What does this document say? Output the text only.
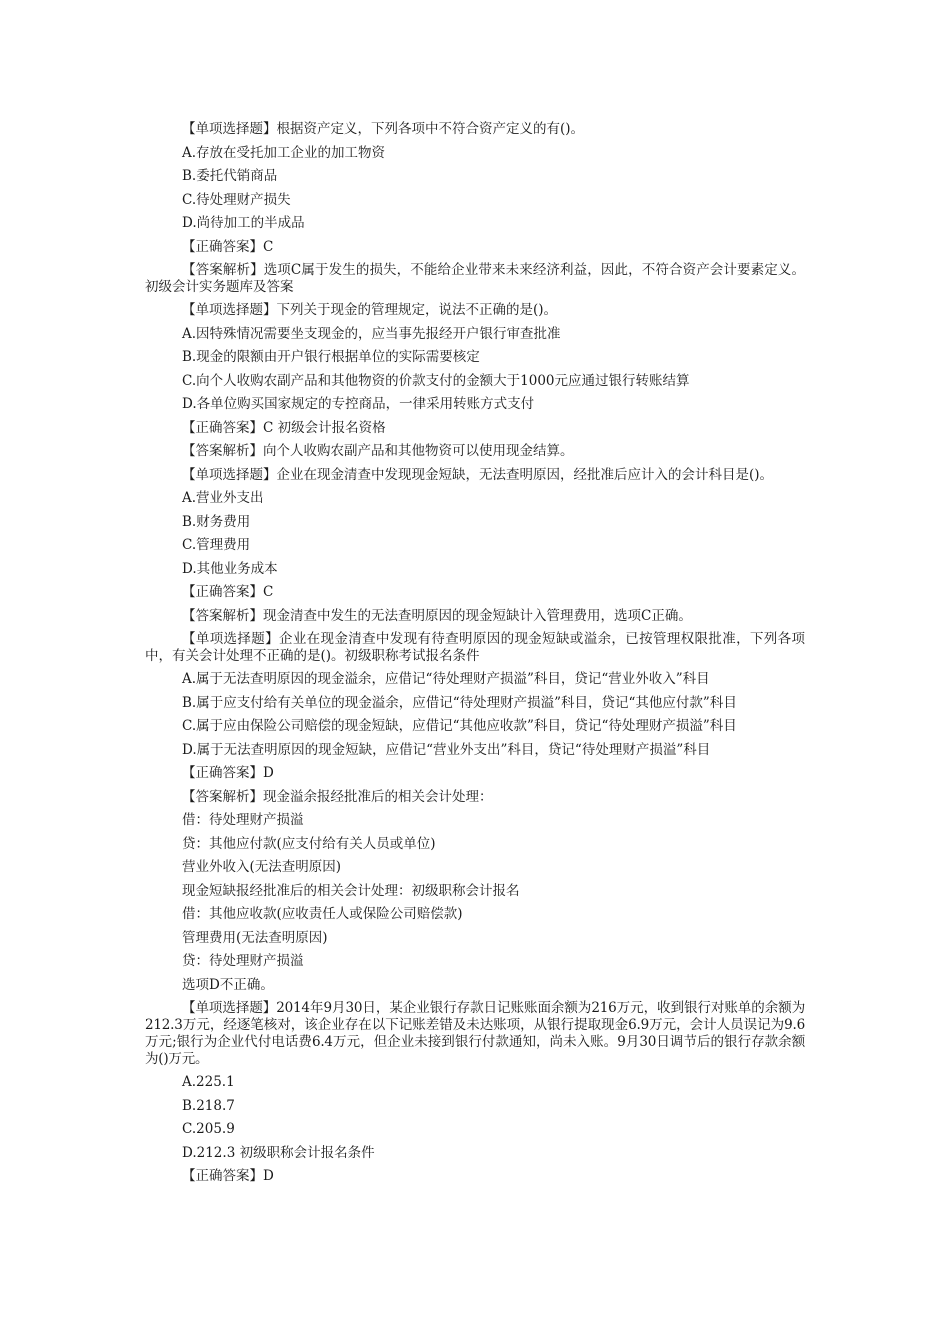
【单项选择题】根据资产定义，下列各项中不符合资产定义的有()。

A.存放在受托加工企业的加工物资

B.委托代销商品

C.待处理财产损失

D.尚待加工的半成品

【正确答案】C

【答案解析】选项C属于发生的损失，不能给企业带来未来经济利益，因此，不符合资产会计要素定义。初级会计实务题库及答案

【单项选择题】下列关于现金的管理规定，说法不正确的是()。

A.因特殊情况需要坐支现金的，应当事先报经开户银行审查批准

B.现金的限额由开户银行根据单位的实际需要核定

C.向个人收购农副产品和其他物资的价款支付的金额大于1000元应通过银行转账结算

D.各单位购买国家规定的专控商品，一律采用转账方式支付

【正确答案】C 初级会计报名资格

【答案解析】向个人收购农副产品和其他物资可以使用现金结算。

【单项选择题】企业在现金清查中发现现金短缺，无法查明原因，经批准后应计入的会计科目是()。

A.营业外支出

B.财务费用

C.管理费用

D.其他业务成本

【正确答案】C

【答案解析】现金清查中发生的无法查明原因的现金短缺计入管理费用，选项C正确。

【单项选择题】企业在现金清查中发现有待查明原因的现金短缺或溢余，已按管理权限批准，下列各项中，有关会计处理不正确的是()。初级职称考试报名条件

A.属于无法查明原因的现金溢余，应借记“待处理财产损溢”科目，贷记“营业外收入”科目

B.属于应支付给有关单位的现金溢余，应借记“待处理财产损溢”科目，贷记“其他应付款”科目

C.属于应由保险公司赔偿的现金短缺，应借记“其他应收款”科目，贷记“待处理财产损溢”科目

D.属于无法查明原因的现金短缺，应借记“营业外支出”科目，贷记“待处理财产损溢”科目

【正确答案】D

【答案解析】现金溢余报经批准后的相关会计处理：

借：待处理财产损溢

贷：其他应付款(应支付给有关人员或单位)

营业外收入(无法查明原因)

现金短缺报经批准后的相关会计处理：初级职称会计报名

借：其他应收款(应收责任人或保险公司赔偿款)

管理费用(无法查明原因)

贷：待处理财产损溢

选项D不正确。

【单项选择题】2014年9月30日，某企业银行存款日记账账面余额为216万元，收到银行对账单的余额为212.3万元，经逐笔核对，该企业存在以下记账差错及未达账项，从银行提取现金6.9万元，会计人员误记为9.6万元;银行为企业代付电话费6.4万元，但企业未接到银行付款通知，尚未入账。9月30日调节后的银行存款余额为()万元。

A.225.1

B.218.7

C.205.9

D.212.3 初级职称会计报名条件

【正确答案】D
